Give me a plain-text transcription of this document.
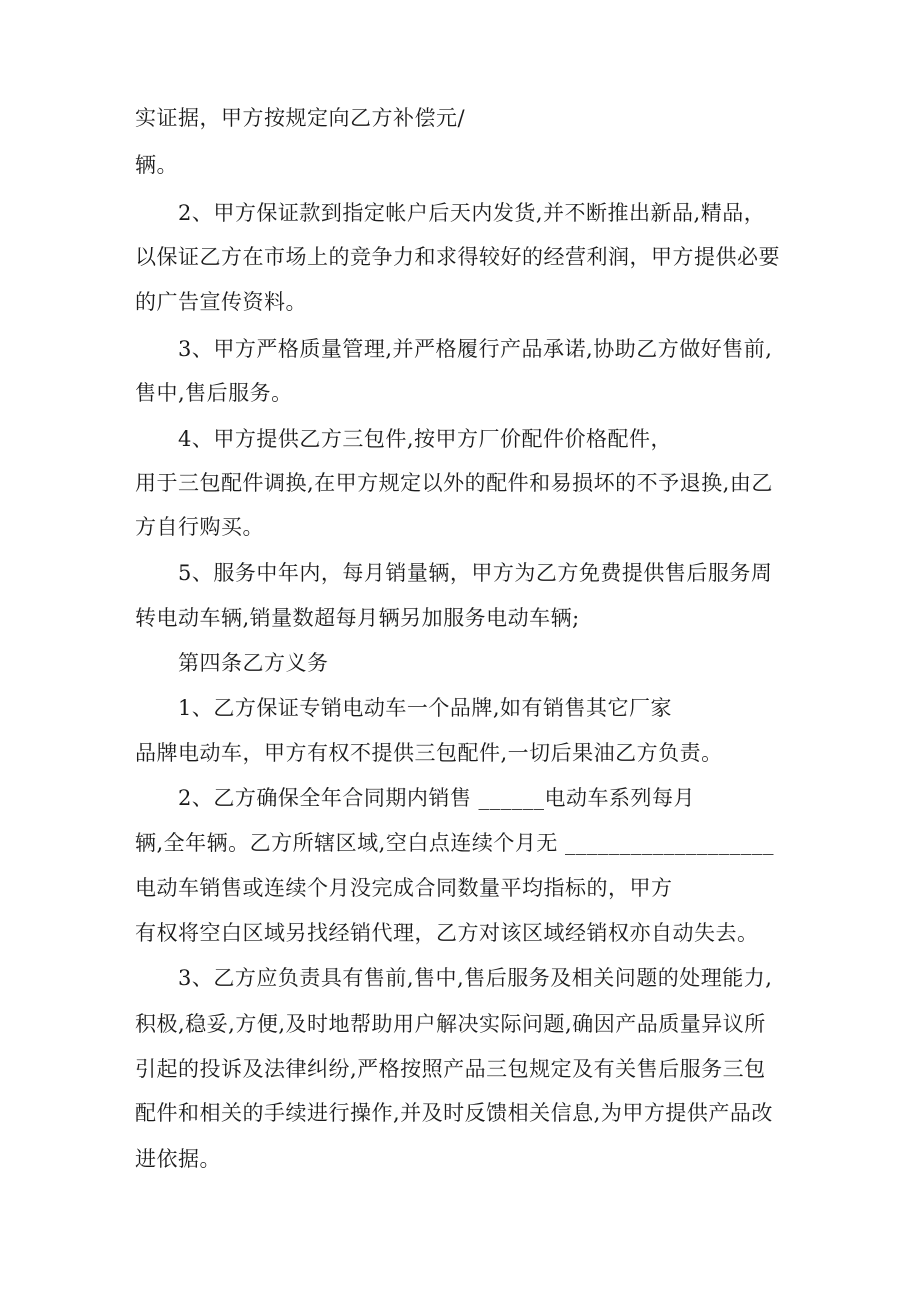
实证据，甲方按规定向乙方补偿元/
辆。
2、甲方保证款到指定帐户后天内发货,并不断推出新品,精品，
以保证乙方在市场上的竞争力和求得较好的经营利润，甲方提供必要
的广告宣传资料。
3、甲方严格质量管理,并严格履行产品承诺,协助乙方做好售前,
售中,售后服务。
4、甲方提供乙方三包件,按甲方厂价配件价格配件，
用于三包配件调换,在甲方规定以外的配件和易损坏的不予退换,由乙
方自行购买。
5、服务中年内，每月销量辆，甲方为乙方免费提供售后服务周
转电动车辆,销量数超每月辆另加服务电动车辆;
第四条乙方义务
1、乙方保证专销电动车一个品牌,如有销售其它厂家
品牌电动车，甲方有权不提供三包配件,一切后果油乙方负责。
2、乙方确保全年合同期内销售 ______电动车系列每月
辆,全年辆。乙方所辖区域,空白点连续个月无 ___________________
电动车销售或连续个月没完成合同数量平均指标的，甲方
有权将空白区域另找经销代理，乙方对该区域经销权亦自动失去。
3、乙方应负责具有售前,售中,售后服务及相关问题的处理能力,
积极,稳妥,方便,及时地帮助用户解决实际问题,确因产品质量异议所
引起的投诉及法律纠纷,严格按照产品三包规定及有关售后服务三包
配件和相关的手续进行操作,并及时反馈相关信息,为甲方提供产品改
进依据。
